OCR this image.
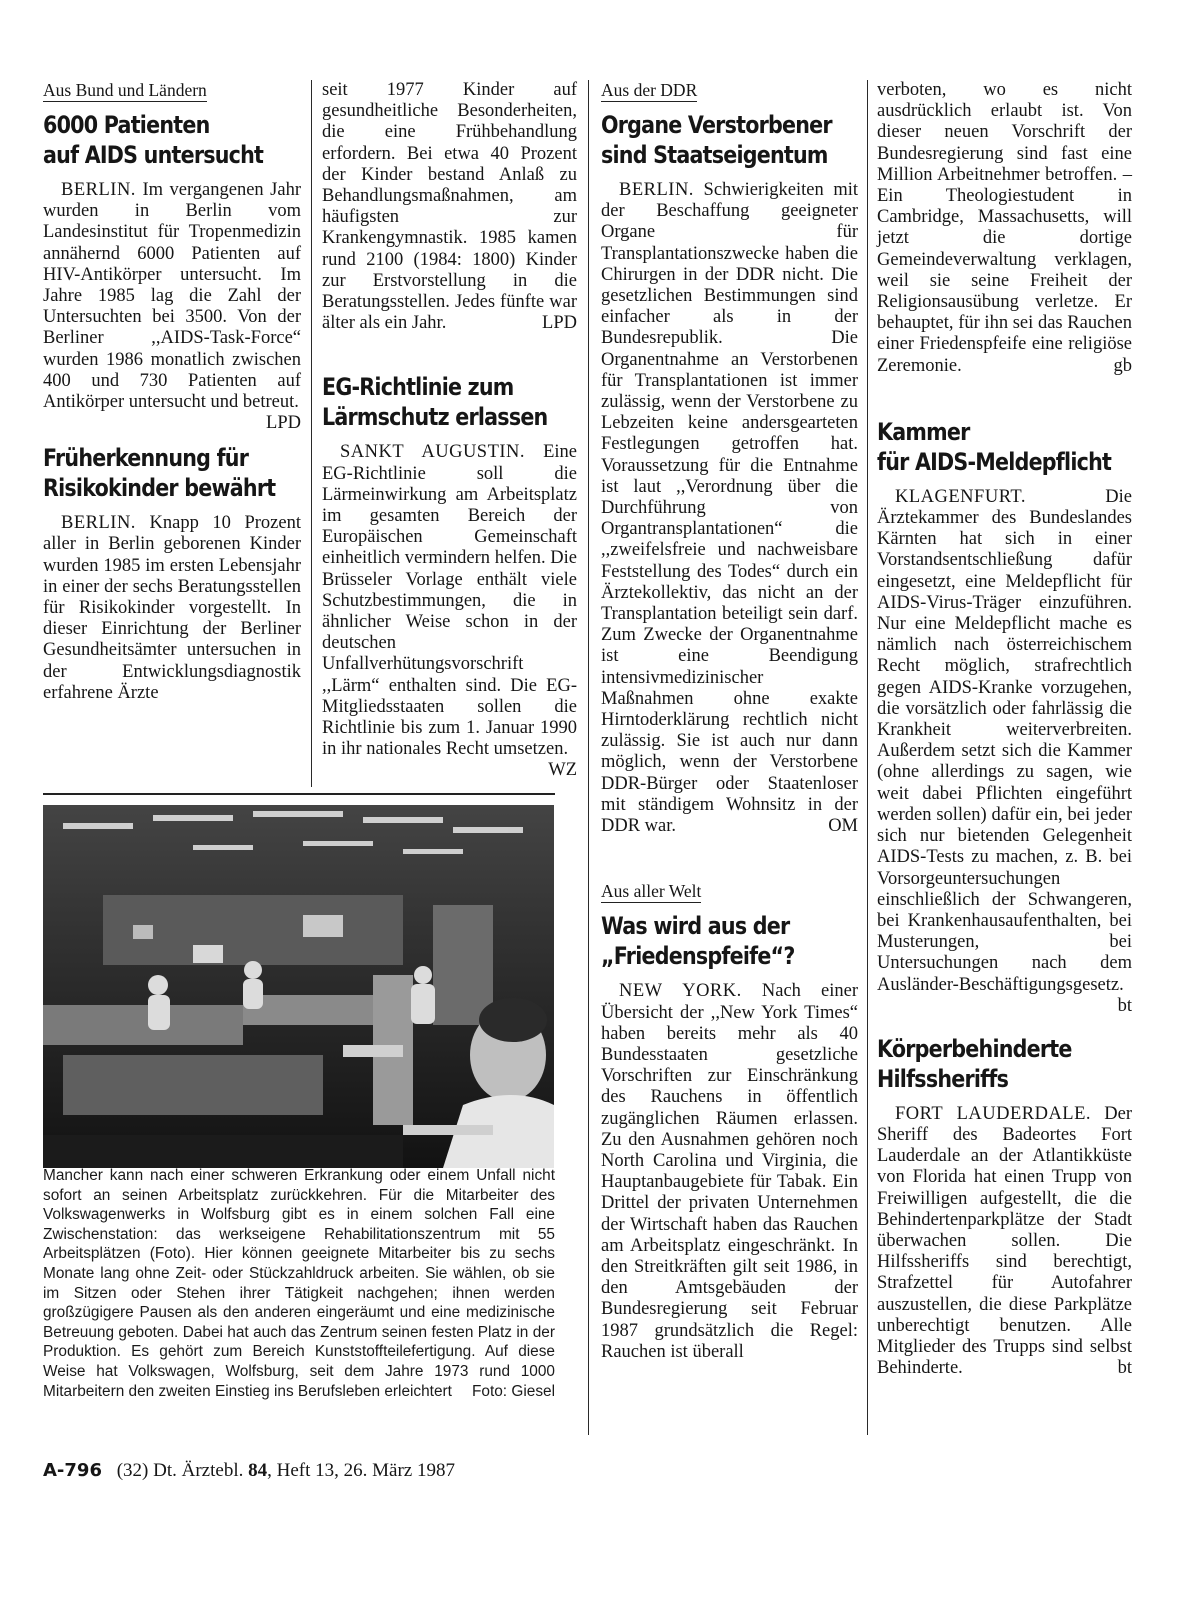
Aus Bund und Ländern

6000 Patienten
auf AIDS untersucht

BERLIN. Im vergangenen Jahr wurden in Berlin vom Landesinstitut für Tropenmedizin annähernd 6000 Patienten auf HIV-Antikörper untersucht. Im Jahre 1985 lag die Zahl der Untersuchten bei 3500. Von der Berliner ,,AIDS-Task-Force“ wurden 1986 monatlich zwischen 400 und 730 Patienten auf Antikörper untersucht und betreut.
LPD

Früherkennung für
Risikokinder bewährt

BERLIN. Knapp 10 Prozent aller in Berlin geborenen Kinder wurden 1985 im ersten Lebensjahr in einer der sechs Beratungsstellen für Risikokinder vorgestellt. In dieser Einrichtung der Berliner Gesundheitsämter untersuchen in der Entwicklungsdiagnostik erfahrene Ärzte

seit 1977 Kinder auf gesundheitliche Besonderheiten, die eine Frühbehandlung erfordern. Bei etwa 40 Prozent der Kinder bestand Anlaß zu Behandlungsmaßnahmen, am häufigsten zur Krankengymnastik. 1985 kamen rund 2100 (1984: 1800) Kinder zur Erstvorstellung in die Beratungsstellen. Jedes fünfte war älter als ein Jahr.	LPD

EG-Richtlinie zum
Lärmschutz erlassen

SANKT AUGUSTIN. Eine EG-Richtlinie soll die Lärmeinwirkung am Arbeitsplatz im gesamten Bereich der Europäischen Gemeinschaft einheitlich vermindern helfen. Die Brüsseler Vorlage enthält viele Schutzbestimmungen, die in ähnlicher Weise schon in der deutschen Unfallverhütungsvorschrift ,,Lärm“ enthalten sind. Die EG-Mitgliedsstaaten sollen die Richtlinie bis zum 1. Januar 1990 in ihr nationales Recht umsetzen.
WZ

Aus der DDR

Organe Verstorbener
sind Staatseigentum

BERLIN. Schwierigkeiten mit der Beschaffung geeigneter Organe für Transplantationszwecke haben die Chirurgen in der DDR nicht. Die gesetzlichen Bestimmungen sind einfacher als in der Bundesrepublik. Die Organentnahme an Verstorbenen für Transplantationen ist immer zulässig, wenn der Verstorbene zu Lebzeiten keine andersgearteten Festlegungen getroffen hat. Voraussetzung für die Entnahme ist laut ,,Verordnung über die Durchführung von Organtransplantationen“ die ,,zweifelsfreie und nachweisbare Feststellung des Todes“ durch ein Ärztekollektiv, das nicht an der Transplantation beteiligt sein darf. Zum Zwecke der Organentnahme ist eine Beendigung intensivmedizinischer Maßnahmen ohne exakte Hirntoderklärung rechtlich nicht zulässig. Sie ist auch nur dann möglich, wenn der Verstorbene DDR-Bürger oder Staatenloser mit ständigem Wohnsitz in der DDR war.	OM

Aus aller Welt

Was wird aus der
„Friedenspfeife“?

NEW YORK. Nach einer Übersicht der ,,New York Times“ haben bereits mehr als 40 Bundesstaaten gesetzliche Vorschriften zur Einschränkung des Rauchens in öffentlich zugänglichen Räumen erlassen. Zu den Ausnahmen gehören noch North Carolina und Virginia, die Hauptanbaugebiete für Tabak. Ein Drittel der privaten Unternehmen der Wirtschaft haben das Rauchen am Arbeitsplatz eingeschränkt. In den Streitkräften gilt seit 1986, in den Amtsgebäuden der Bundesregierung seit Februar 1987 grundsätzlich die Regel: Rauchen ist überall

verboten, wo es nicht ausdrücklich erlaubt ist. Von dieser neuen Vorschrift der Bundesregierung sind fast eine Million Arbeitnehmer betroffen. – Ein Theologiestudent in Cambridge, Massachusetts, will jetzt die dortige Gemeindeverwaltung verklagen, weil sie seine Freiheit der Religionsausübung verletze. Er behauptet, für ihn sei das Rauchen einer Friedenspfeife eine religiöse Zeremonie.	gb

Kammer
für AIDS-Meldepflicht

KLAGENFURT.	Die Ärztekammer des Bundeslandes Kärnten hat sich in einer Vorstandsentschließung dafür eingesetzt, eine Meldepflicht für AIDS-Virus-Träger einzuführen. Nur eine Meldepflicht mache es nämlich nach österreichischem Recht möglich, strafrechtlich gegen AIDS-Kranke vorzugehen, die vorsätzlich oder fahrlässig die Krankheit weiterverbreiten. Außerdem setzt sich die Kammer (ohne allerdings zu sagen, wie weit dabei Pflichten eingeführt werden sollen) dafür ein, bei jeder sich nur bietenden Gelegenheit AIDS-Tests zu machen, z. B. bei Vorsorgeuntersuchungen einschließlich der Schwangeren, bei Krankenhausaufenthalten, bei Musterungen, bei Untersuchungen nach dem Ausländer-Beschäftigungsgesetz.
bt

Körperbehinderte
Hilfssheriffs

FORT LAUDERDALE. Der Sheriff des Badeortes Fort Lauderdale an der Atlantikküste von Florida hat einen Trupp von Freiwilligen aufgestellt, die die Behindertenparkplätze der Stadt überwachen sollen. Die Hilfssheriffs sind berechtigt, Strafzettel für Autofahrer auszustellen, die diese Parkplätze unberechtigt benutzen. Alle Mitglieder des Trupps sind selbst Behinderte.	bt

Mancher kann nach einer schweren Erkrankung oder einem Unfall nicht sofort an seinen Arbeitsplatz zurückkehren. Für die Mitarbeiter des Volkswagenwerks in Wolfsburg gibt es in einem solchen Fall eine Zwischenstation: das werkseigene Rehabilitationszentrum mit 55 Arbeitsplätzen (Foto). Hier können geeignete Mitarbeiter bis zu sechs Monate lang ohne Zeit- oder Stückzahldruck arbeiten. Sie wählen, ob sie im Sitzen oder Stehen ihrer Tätigkeit nachgehen; ihnen werden großzügigere Pausen als den anderen eingeräumt und eine medizinische Betreuung geboten. Dabei hat auch das Zentrum seinen festen Platz in der Produktion. Es gehört zum Bereich Kunststoffteilefertigung. Auf diese Weise hat Volkswagen, Wolfsburg, seit dem Jahre 1973 rund 1000 Mitarbeitern den zweiten Einstieg ins Berufsleben erleichtert Foto: Giesel

A-796 (32) Dt. Ärztebl. 84, Heft 13, 26. März 1987
